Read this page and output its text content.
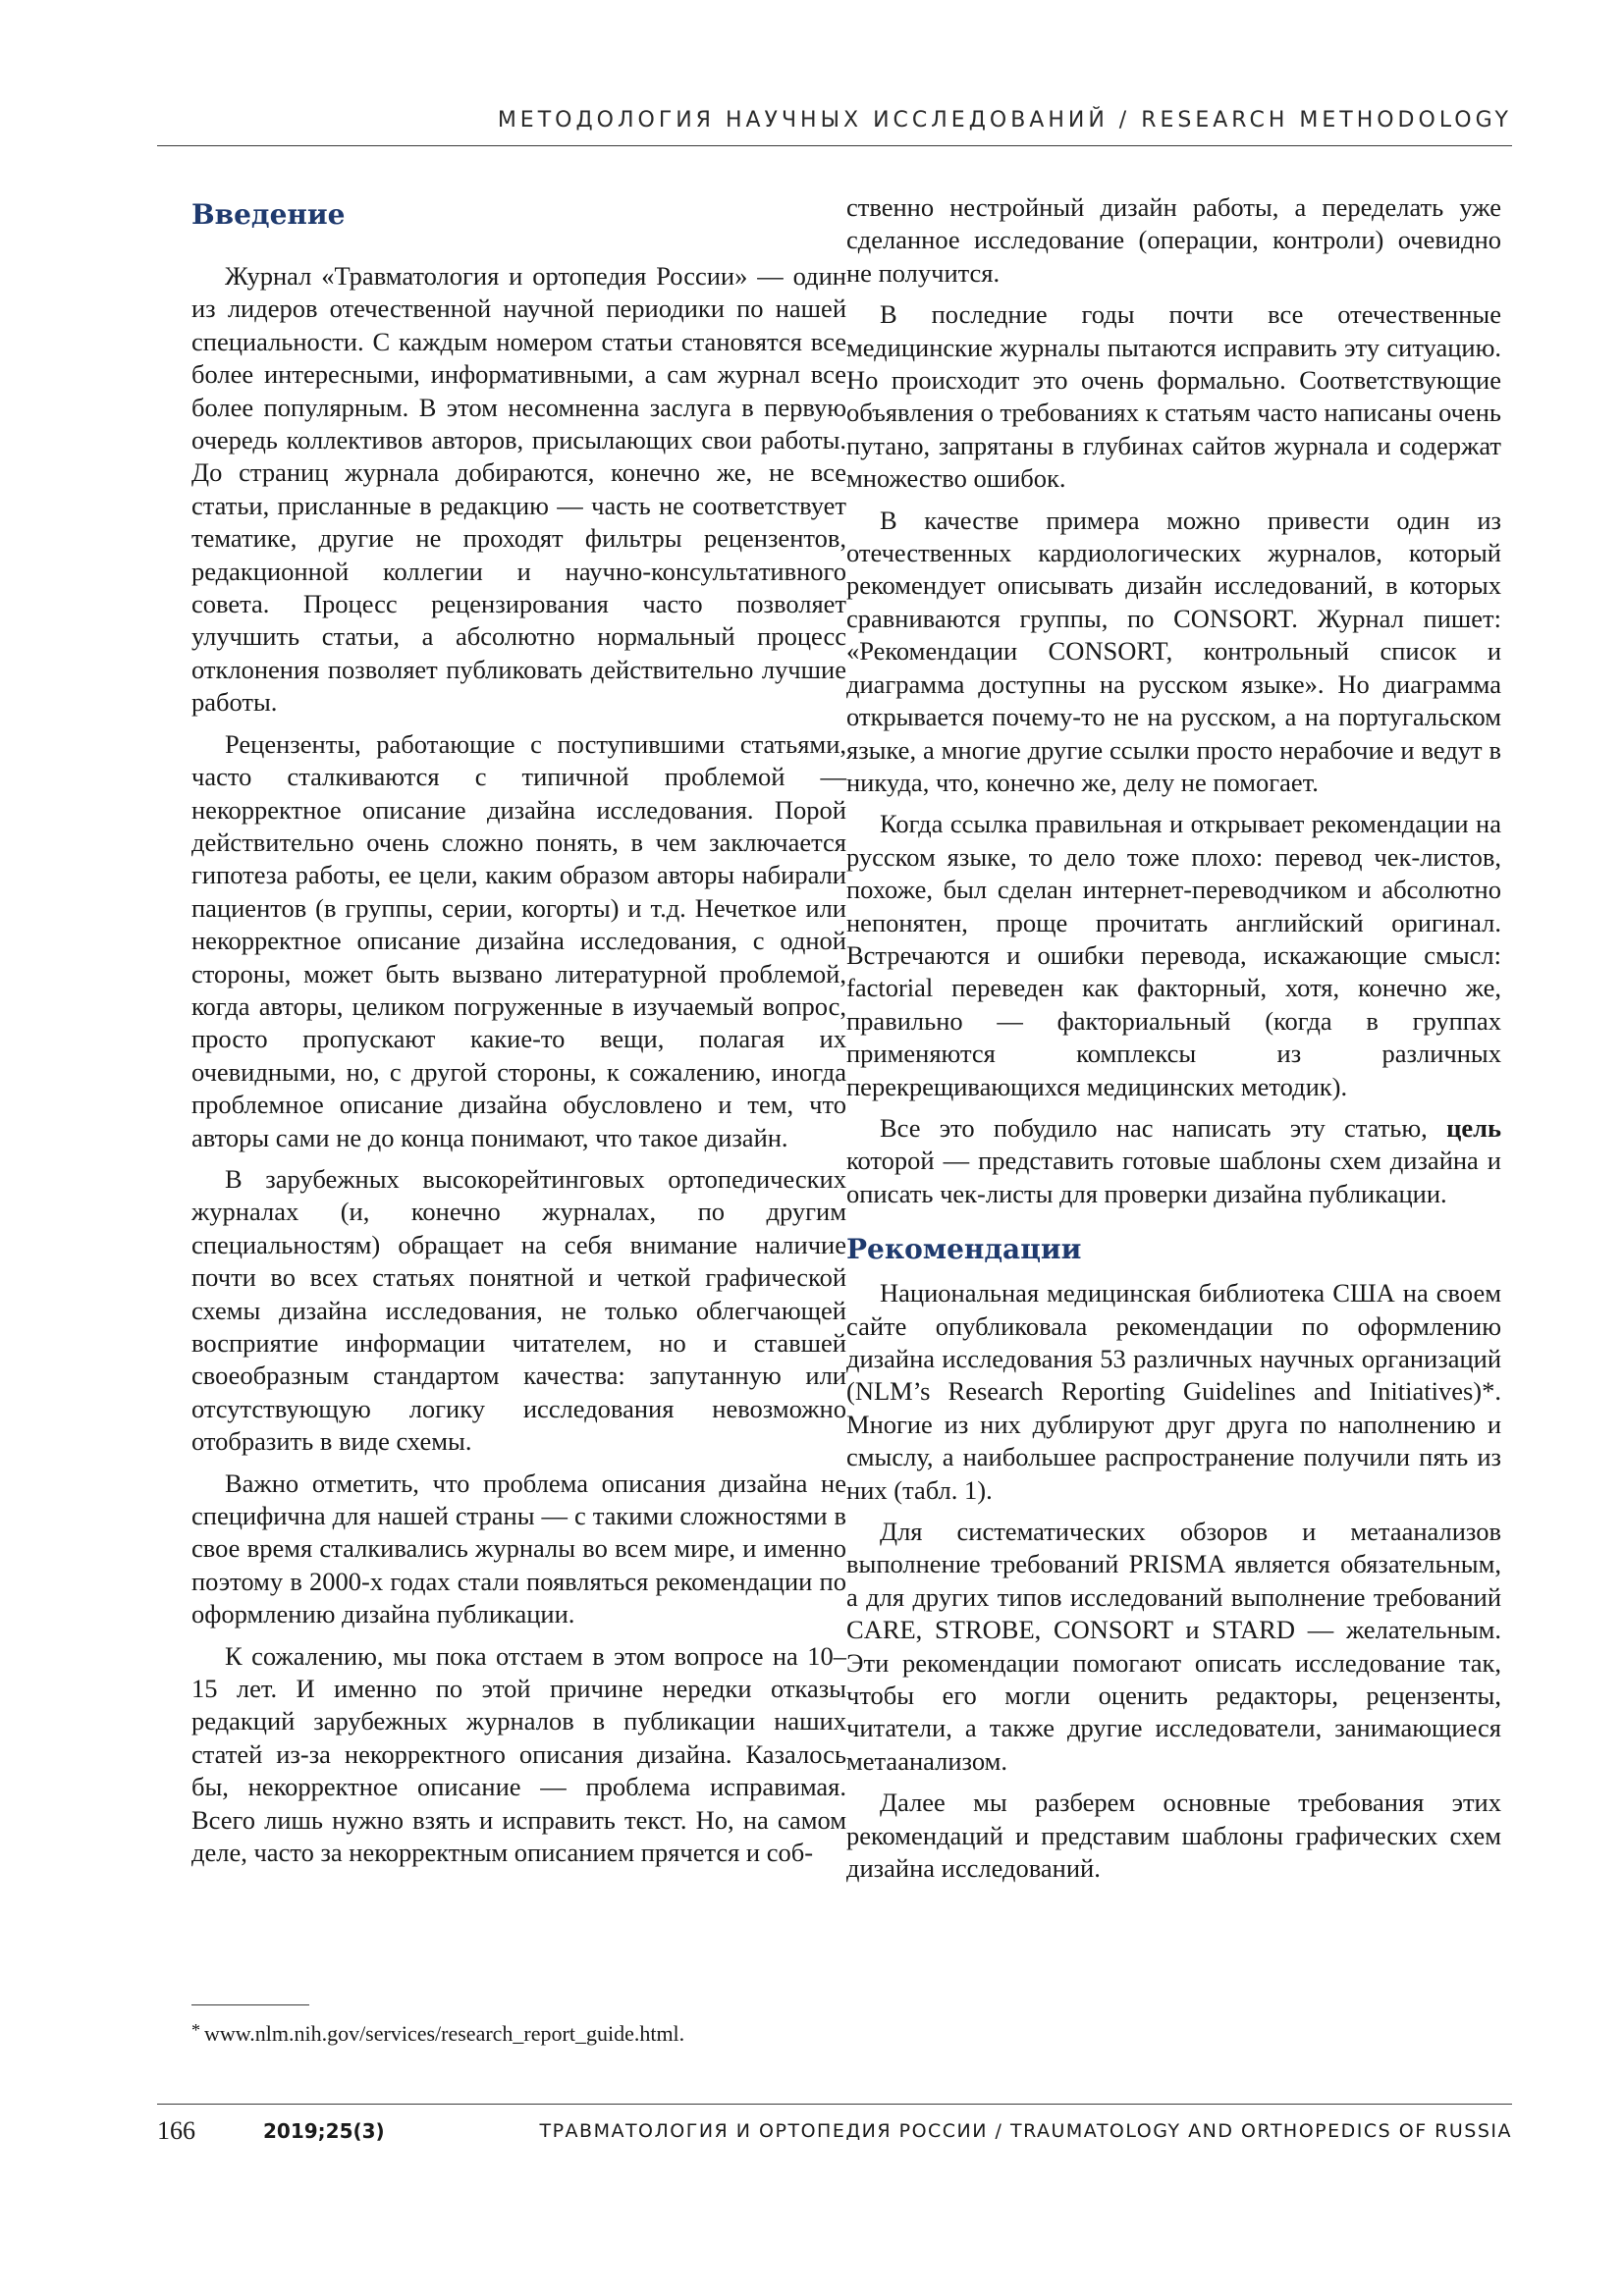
МЕТОДОЛОГИЯ НАУЧНЫХ ИССЛЕДОВАНИЙ / RESEARCH METHODOLOGY
Введение

Журнал «Травматология и ортопедия России» — один из лидеров отечественной научной периодики по нашей специальности. С каждым номером статьи становятся все более интересными, информативными, а сам журнал все более популярным. В этом несомненна заслуга в первую очередь коллективов авторов, присылающих свои работы. До страниц журнала добираются, конечно же, не все статьи, присланные в редакцию — часть не соответствует тематике, другие не проходят фильтры рецензентов, редакционной коллегии и научно-консультативного совета. Процесс рецензирования часто позволяет улучшить статьи, а абсолютно нормальный процесс отклонения позволяет публиковать действительно лучшие работы.

Рецензенты, работающие с поступившими статьями, часто сталкиваются с типичной проблемой — некорректное описание дизайна исследования. Порой действительно очень сложно понять, в чем заключается гипотеза работы, ее цели, каким образом авторы набирали пациентов (в группы, серии, когорты) и т.д. Нечеткое или некорректное описание дизайна исследования, с одной стороны, может быть вызвано литературной проблемой, когда авторы, целиком погруженные в изучаемый вопрос, просто пропускают какие-то вещи, полагая их очевидными, но, с другой стороны, к сожалению, иногда проблемное описание дизайна обусловлено и тем, что авторы сами не до конца понимают, что такое дизайн.

В зарубежных высокорейтинговых ортопедических журналах (и, конечно журналах, по другим специальностям) обращает на себя внимание наличие почти во всех статьях понятной и четкой графической схемы дизайна исследования, не только облегчающей восприятие информации читателем, но и ставшей своеобразным стандартом качества: запутанную или отсутствующую логику исследования невозможно отобразить в виде схемы.

Важно отметить, что проблема описания дизайна не специфична для нашей страны — с такими сложностями в свое время сталкивались журналы во всем мире, и именно поэтому в 2000-х годах стали появляться рекомендации по оформлению дизайна публикации.

К сожалению, мы пока отстаем в этом вопросе на 10–15 лет. И именно по этой причине нередки отказы редакций зарубежных журналов в публикации наших статей из-за некорректного описания дизайна. Казалось бы, некорректное описание — проблема исправимая. Всего лишь нужно взять и исправить текст. Но, на самом деле, часто за некорректным описанием прячется и соб-

ственно нестройный дизайн работы, а переделать уже сделанное исследование (операции, контроли) очевидно не получится.

В последние годы почти все отечественные медицинские журналы пытаются исправить эту ситуацию. Но происходит это очень формально. Соответствующие объявления о требованиях к статьям часто написаны очень путано, запрятаны в глубинах сайтов журнала и содержат множество ошибок.

В качестве примера можно привести один из отечественных кардиологических журналов, который рекомендует описывать дизайн исследований, в которых сравниваются группы, по CONSORT. Журнал пишет: «Рекомендации CONSORT, контрольный список и диаграмма доступны на русском языке». Но диаграмма открывается почему-то не на русском, а на португальском языке, а многие другие ссылки просто нерабочие и ведут в никуда, что, конечно же, делу не помогает.

Когда ссылка правильная и открывает рекомендации на русском языке, то дело тоже плохо: перевод чек-листов, похоже, был сделан интернет-переводчиком и абсолютно непонятен, проще прочитать английский оригинал. Встречаются и ошибки перевода, искажающие смысл: factorial переведен как факторный, хотя, конечно же, правильно — факториальный (когда в группах применяются комплексы из различных перекрещивающихся медицинских методик).

Все это побудило нас написать эту статью, цель которой — представить готовые шаблоны схем дизайна и описать чек-листы для проверки дизайна публикации.

Рекомендации

Национальная медицинская библиотека США на своем сайте опубликовала рекомендации по оформлению дизайна исследования 53 различных научных организаций (NLM’s Research Reporting Guidelines and Initiatives)*. Многие из них дублируют друг друга по наполнению и смыслу, а наибольшее распространение получили пять из них (табл. 1).

Для систематических обзоров и метаанализов выполнение требований PRISMA является обязательным, а для других типов исследований выполнение требований CARE, STROBE, CONSORT и STARD — желательным. Эти рекомендации помогают описать исследование так, чтобы его могли оценить редакторы, рецензенты, читатели, а также другие исследователи, занимающиеся метаанализом.

Далее мы разберем основные требования этих рекомендаций и представим шаблоны графических схем дизайна исследований.

* www.nlm.nih.gov/services/research_report_guide.html.
166	2019;25(3)	ТРАВМАТОЛОГИЯ И ОРТОПЕДИЯ РОССИИ / TRAUMATOLOGY AND ORTHOPEDICS OF RUSSIA
